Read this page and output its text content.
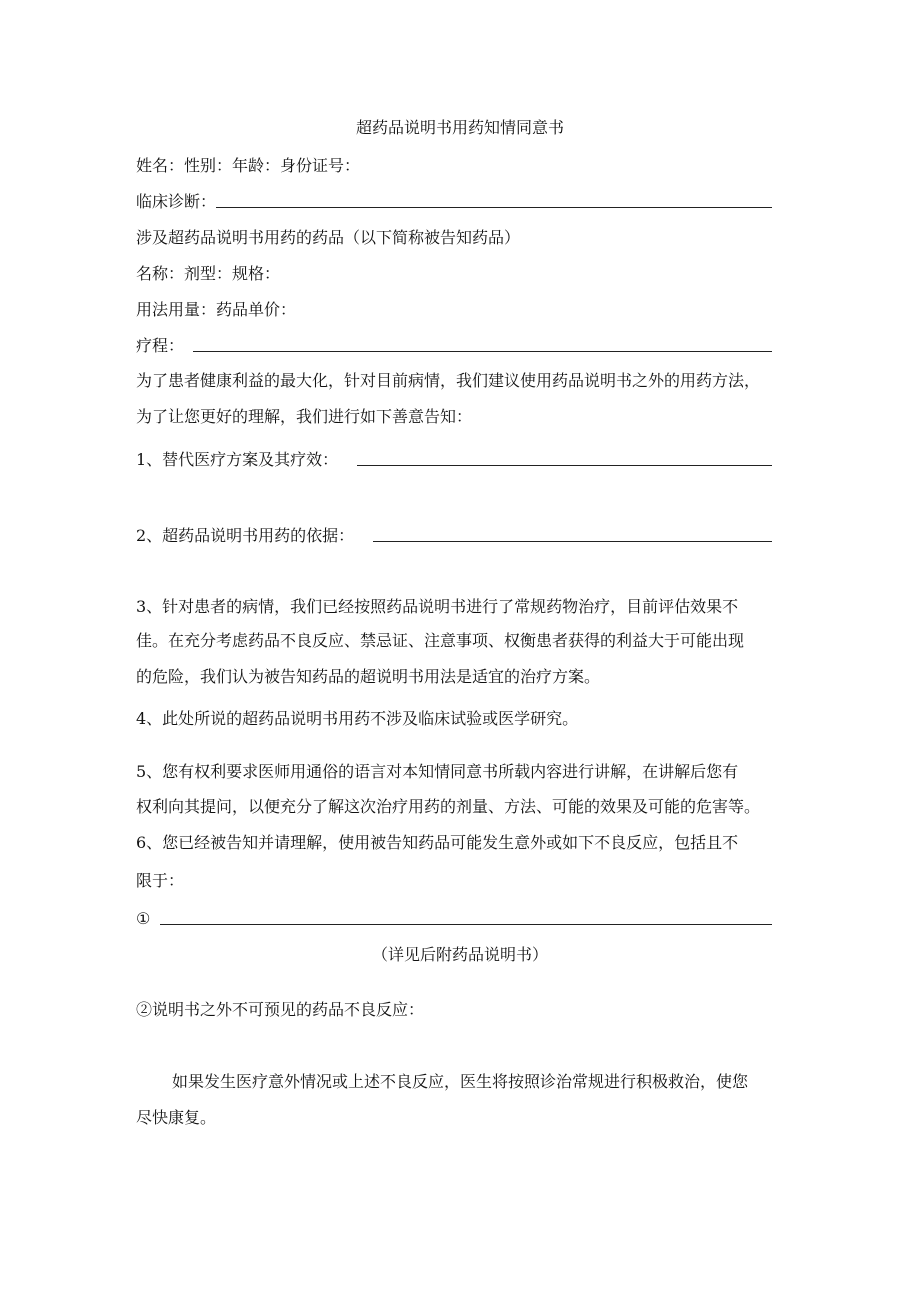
超药品说明书用药知情同意书
姓名：性别：年龄：身份证号：
临床诊断：
涉及超药品说明书用药的药品（以下简称被告知药品）
名称：剂型：规格：
用法用量：药品单价：
疗程：
为了患者健康利益的最大化，针对目前病情，我们建议使用药品说明书之外的用药方法，
为了让您更好的理解，我们进行如下善意告知：
1、替代医疗方案及其疗效：
2、超药品说明书用药的依据：
3、针对患者的病情，我们已经按照药品说明书进行了常规药物治疗，目前评估效果不
佳。在充分考虑药品不良反应、禁忌证、注意事项、权衡患者获得的利益大于可能出现
的危险，我们认为被告知药品的超说明书用法是适宜的治疗方案。
4、此处所说的超药品说明书用药不涉及临床试验或医学研究。
5、您有权利要求医师用通俗的语言对本知情同意书所载内容进行讲解，在讲解后您有
权利向其提问，以便充分了解这次治疗用药的剂量、方法、可能的效果及可能的危害等。
6、您已经被告知并请理解，使用被告知药品可能发生意外或如下不良反应，包括且不
限于：
①
（详见后附药品说明书）
②说明书之外不可预见的药品不良反应：
如果发生医疗意外情况或上述不良反应，医生将按照诊治常规进行积极救治，使您
尽快康复。
